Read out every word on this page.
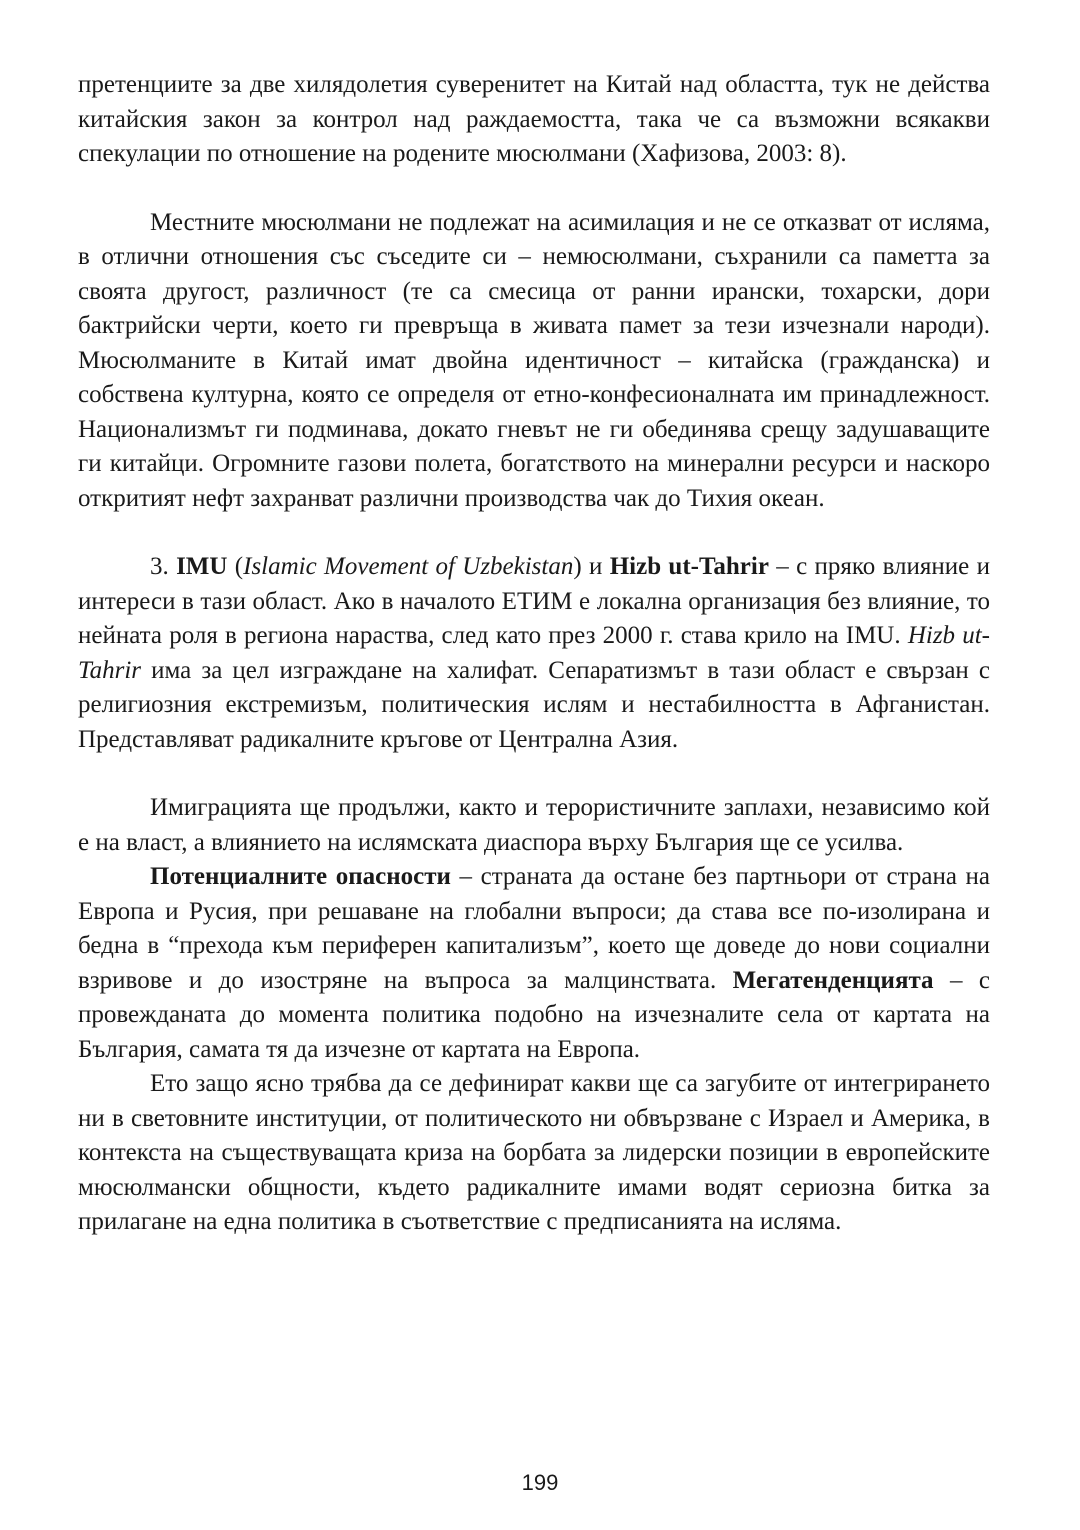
претенциите за две хилядолетия суверенитет на Китай над областта, тук не действа китайския закон за контрол над раждаемостта, така че са възможни всякакви спекулации по отношение на родените мюсюлмани (Хафизова, 2003: 8).

Местните мюсюлмани не подлежат на асимилация и не се отказват от исляма, в отлични отношения със съседите си – немюсюлмани, съхранили са паметта за своята другост, различност (те са смесица от ранни ирански, тохарски, дори бактрийски черти, което ги превръща в живата памет за тези изчезнали народи). Мюсюлманите в Китай имат двойна идентичност – китайска (гражданска) и собствена културна, която се определя от етно-конфесионалната им принадлежност. Национализмът ги подминава, докато гневът не ги обединява срещу задушаващите ги китайци. Огромните газови полета, богатството на минерални ресурси и наскоро откритият нефт захранват различни производства чак до Тихия океан.

3. IMU (Islamic Movement of Uzbekistan) и Hizb ut-Tahrir – с пряко влияние и интереси в тази област. Ако в началото ЕТИМ е локална организация без влияние, то нейната роля в региона нараства, след като през 2000 г. става крило на IMU. Hizb ut-Tahrir има за цел изграждане на халифат. Сепаратизмът в тази област е свързан с религиозния екстремизъм, политическия ислям и нестабилността в Афганистан. Представляват радикалните кръгове от Централна Азия.

Имиграцията ще продължи, както и терористичните заплахи, независимо кой е на власт, а влиянието на ислямската диаспора върху България ще се усилва.

Потенциалните опасности – страната да остане без партньори от страна на Европа и Русия, при решаване на глобални въпроси; да става все по-изолирана и бедна в “прехода към периферен капитализъм”, което ще доведе до нови социални взривове и до изостряне на въпроса за малцинствата. Мегатенденцията – с провежданата до момента политика подобно на изчезналите села от картата на България, самата тя да изчезне от картата на Европа.

Ето защо ясно трябва да се дефинират какви ще са загубите от интегрирането ни в световните институции, от политическото ни обвързване с Израел и Америка, в контекста на съществуващата криза на борбата за лидерски позиции в европейските мюсюлмански общности, където радикалните имами водят сериозна битка за прилагане на една политика в съответствие с предписанията на исляма.

199
